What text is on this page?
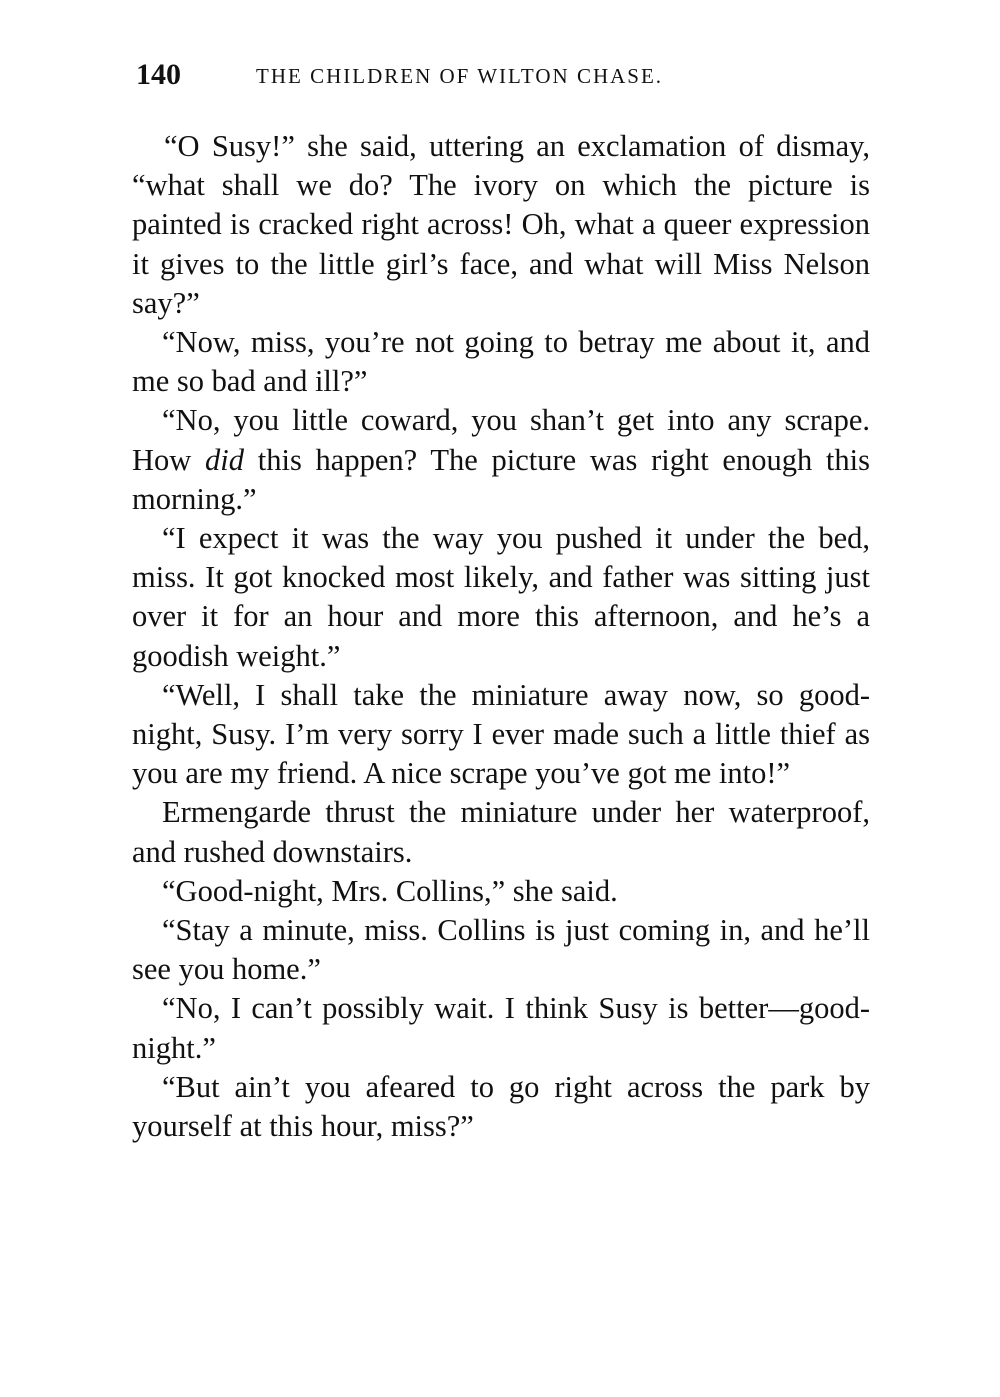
140	THE CHILDREN OF WILTON CHASE.

“O Susy!” she said, uttering an exclamation of dismay, “what shall we do? The ivory on which the picture is painted is cracked right across! Oh, what a queer expression it gives to the little girl’s face, and what will Miss Nelson say?”

“Now, miss, you’re not going to betray me about it, and me so bad and ill?”

“No, you little coward, you shan’t get into any scrape. How did this happen? The picture was right enough this morning.”

“I expect it was the way you pushed it under the bed, miss. It got knocked most likely, and father was sitting just over it for an hour and more this afternoon, and he’s a goodish weight.”

“Well, I shall take the miniature away now, so good-night, Susy. I’m very sorry I ever made such a little thief as you are my friend. A nice scrape you’ve got me into!”

Ermengarde thrust the miniature under her waterproof, and rushed downstairs.

“Good-night, Mrs. Collins,” she said.

“Stay a minute, miss. Collins is just coming in, and he’ll see you home.”

“No, I can’t possibly wait. I think Susy is better—good-night.”

“But ain’t you afeared to go right across the park by yourself at this hour, miss?”
